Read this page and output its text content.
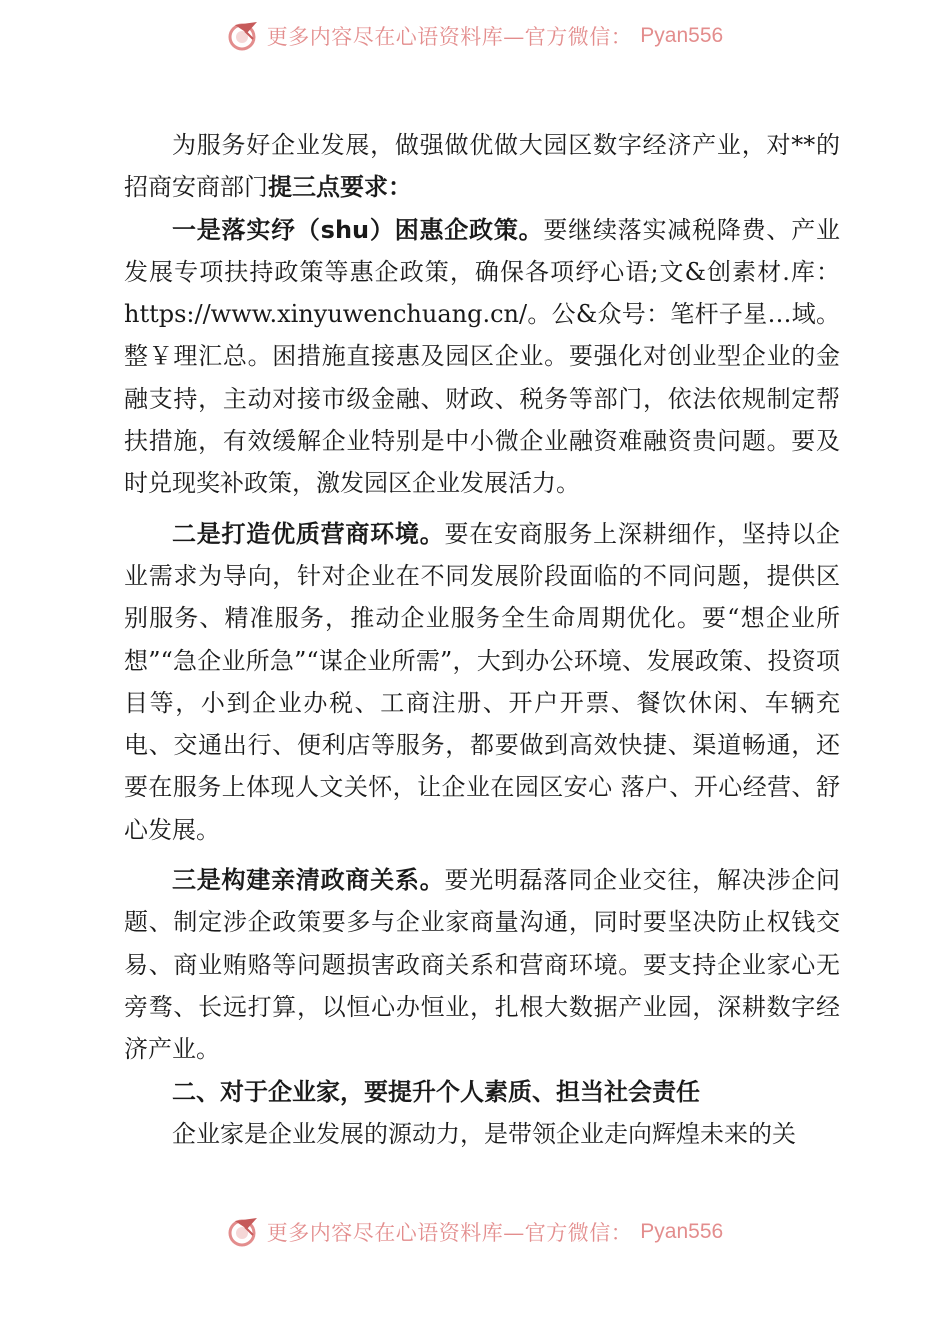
更多内容尽在心语资料库—官方微信： Pyan556

为服务好企业发展，做强做优做大园区数字经济产业，对**的招商安商部门提三点要求：

一是落实纾（shu）困惠企政策。要继续落实减税降费、产业发展专项扶持政策等惠企政策，确保各项纾心语;文&创素材.库：https://www.xinyuwenchuang.cn/。公&众号：笔杆子星…域。整￥理汇总。困措施直接惠及园区企业。要强化对创业型企业的金融支持，主动对接市级金融、财政、税务等部门，依法依规制定帮扶措施，有效缓解企业特别是中小微企业融资难融资贵问题。要及时兑现奖补政策，激发园区企业发展活力。

二是打造优质营商环境。要在安商服务上深耕细作，坚持以企业需求为导向，针对企业在不同发展阶段面临的不同问题，提供区别服务、精准服务，推动企业服务全生命周期优化。要“想企业所想”“急企业所急”“谋企业所需”，大到办公环境、发展政策、投资项目等，小到企业办税、工商注册、开户开票、餐饮休闲、车辆充电、交通出行、便利店等服务，都要做到高效快捷、渠道畅通，还要在服务上体现人文关怀，让企业在园区安心 落户、开心经营、舒心发展。

三是构建亲清政商关系。要光明磊落同企业交往，解决涉企问题、制定涉企政策要多与企业家商量沟通，同时要坚决防止权钱交易、商业贿赂等问题损害政商关系和营商环境。要支持企业家心无旁骛、长远打算，以恒心办恒业，扎根大数据产业园，深耕数字经济产业。

二、对于企业家，要提升个人素质、担当社会责任

企业家是企业发展的源动力，是带领企业走向辉煌未来的关

更多内容尽在心语资料库—官方微信： Pyan556
